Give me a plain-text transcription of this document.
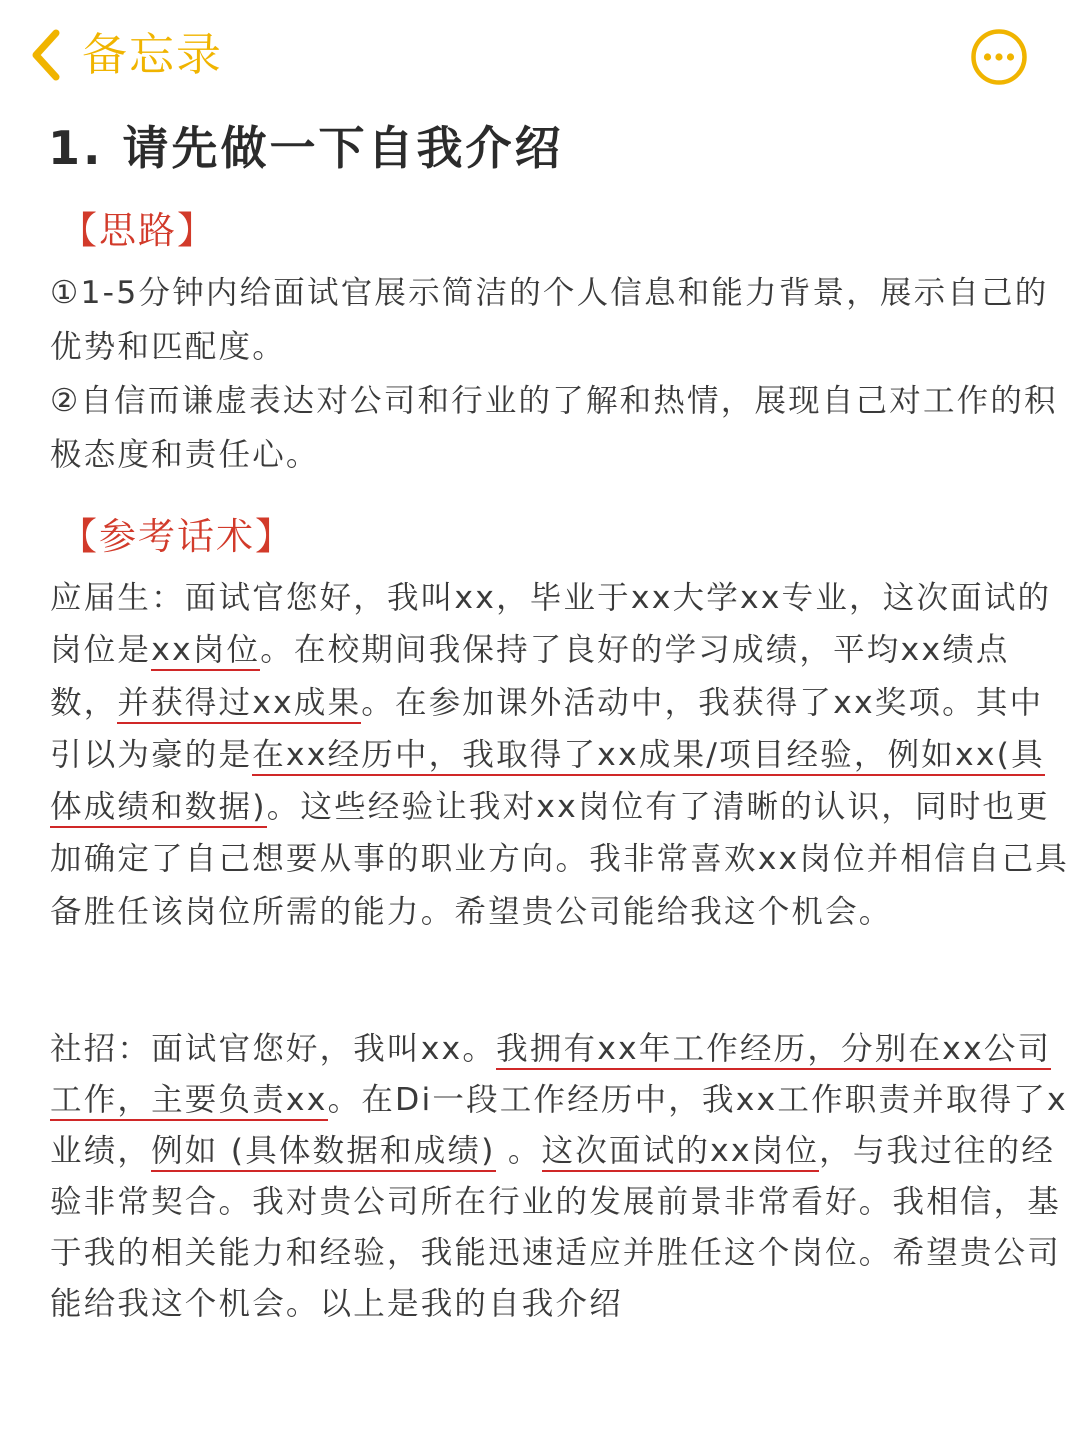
备忘录
1. 请先做一下自我介绍
【思路】

①1-5分钟内给面试官展示简洁的个人信息和能力背景，展示自己的优势和匹配度。

②自信而谦虚表达对公司和行业的了解和热情，展现自己对工作的积极态度和责任心。

【参考话术】

应届生：面试官您好，我叫xx，毕业于xx大学xx专业，这次面试的岗位是xx岗位。在校期间我保持了良好的学习成绩，平均xx绩点数，并获得过xx成果。在参加课外活动中，我获得了xx奖项。其中引以为豪的是在xx经历中，我取得了xx成果/项目经验，例如xx(具体成绩和数据)。这些经验让我对xx岗位有了清晰的认识，同时也更加确定了自己想要从事的职业方向。我非常喜欢xx岗位并相信自己具备胜任该岗位所需的能力。希望贵公司能给我这个机会。

社招：面试官您好，我叫xx。我拥有xx年工作经历，分别在xx公司工作，主要负责xx。在Di一段工作经历中，我xx工作职责并取得了x业绩，例如 (具体数据和成绩) 。这次面试的xx岗位，与我过往的经验非常契合。我对贵公司所在行业的发展前景非常看好。我相信，基于我的相关能力和经验，我能迅速适应并胜任这个岗位。希望贵公司能给我这个机会。以上是我的自我介绍
